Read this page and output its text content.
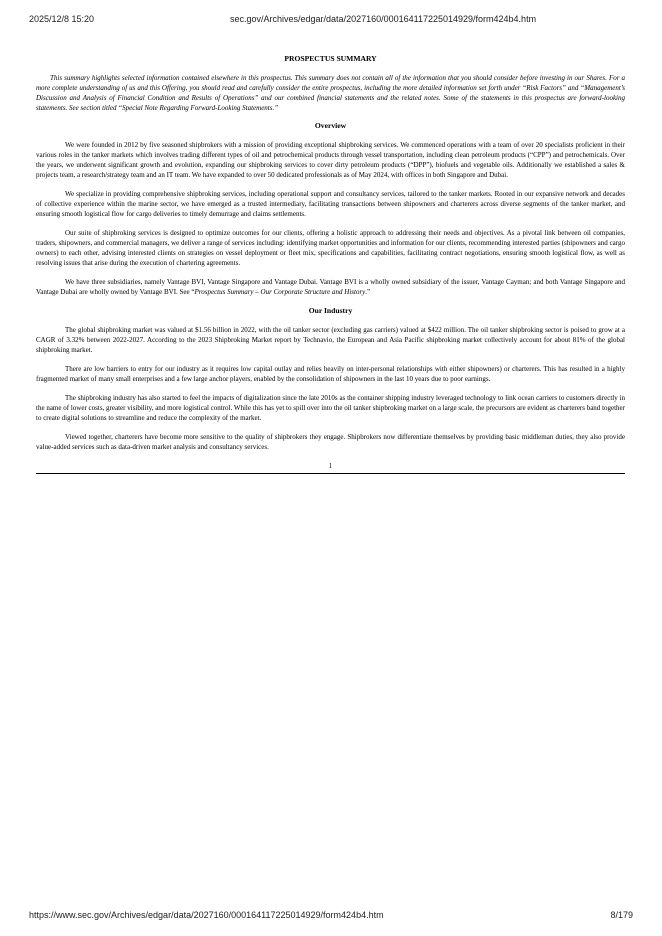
2025/12/8 15:20	sec.gov/Archives/edgar/data/2027160/000164117225014929/form424b4.htm
PROSPECTUS SUMMARY

This summary highlights selected information contained elsewhere in this prospectus. This summary does not contain all of the information that you should consider before investing in our Shares. For a more complete understanding of us and this Offering, you should read and carefully consider the entire prospectus, including the more detailed information set forth under “Risk Factors” and “Management’s Discussion and Analysis of Financial Condition and Results of Operations” and our combined financial statements and the related notes. Some of the statements in this prospectus are forward-looking statements. See section titled “Special Note Regarding Forward-Looking Statements.”

Overview

We were founded in 2012 by five seasoned shipbrokers with a mission of providing exceptional shipbroking services. We commenced operations with a team of over 20 specialists proficient in their various roles in the tanker markets which involves trading different types of oil and petrochemical products through vessel transportation, including clean petroleum products (“CPP”) and petrochemicals. Over the years, we underwent significant growth and evolution, expanding our shipbroking services to cover dirty petroleum products (“DPP”), biofuels and vegetable oils. Additionally we established a sales & projects team, a research/strategy team and an IT team. We have expanded to over 50 dedicated professionals as of May 2024, with offices in both Singapore and Dubai.

We specialize in providing comprehensive shipbroking services, including operational support and consultancy services, tailored to the tanker markets. Rooted in our expansive network and decades of collective experience within the marine sector, we have emerged as a trusted intermediary, facilitating transactions between shipowners and charterers across diverse segments of the tanker market, and ensuring smooth logistical flow for cargo deliveries to timely demurrage and claims settlements.

Our suite of shipbroking services is designed to optimize outcomes for our clients, offering a holistic approach to addressing their needs and objectives. As a pivotal link between oil companies, traders, shipowners, and commercial managers, we deliver a range of services including: identifying market opportunities and information for our clients, recommending interested parties (shipowners and cargo owners) to each other, advising interested clients on strategies on vessel deployment or fleet mix, specifications and capabilities, facilitating contract negotiations, ensuring smooth logistical flow, as well as resolving issues that arise during the execution of chartering agreements.

We have three subsidiaries, namely Vantage BVI, Vantage Singapore and Vantage Dubai. Vantage BVI is a wholly owned subsidiary of the issuer, Vantage Cayman; and both Vantage Singapore and Vantage Dubai are wholly owned by Vantage BVI. See “Prospectus Summary – Our Corporate Structure and History.”

Our Industry

The global shipbroking market was valued at $1.56 billion in 2022, with the oil tanker sector (excluding gas carriers) valued at $422 million. The oil tanker shipbroking sector is poised to grow at a CAGR of 3.32% between 2022-2027. According to the 2023 Shipbroking Market report by Technavio, the European and Asia Pacific shipbroking market collectively account for about 81% of the global shipbroking market.

There are low barriers to entry for our industry as it requires low capital outlay and relies heavily on inter-personal relationships with either shipowners) or charterers. This has resulted in a highly fragmented market of many small enterprises and a few large anchor players, enabled by the consolidation of shipowners in the last 10 years due to poor earnings.

The shipbroking industry has also started to feel the impacts of digitalization since the late 2010s as the container shipping industry leveraged technology to link ocean carriers to customers directly in the name of lower costs, greater visibility, and more logistical control. While this has yet to spill over into the oil tanker shipbroking market on a large scale, the precursors are evident as charterers band together to create digital solutions to streamline and reduce the complexity of the market.

Viewed together, charterers have become more sensitive to the quality of shipbrokers they engage. Shipbrokers now differentiate themselves by providing basic middleman duties, they also provide value-added services such as data-driven market analysis and consultancy services.

1
https://www.sec.gov/Archives/edgar/data/2027160/000164117225014929/form424b4.htm	8/179
